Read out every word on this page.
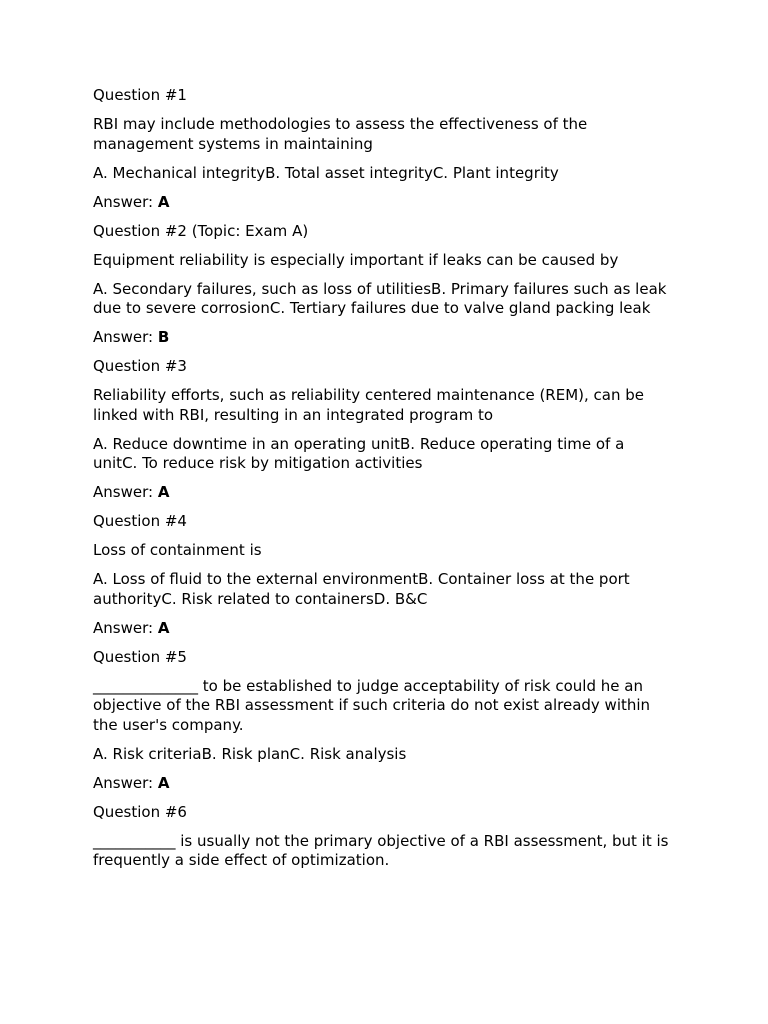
Question #1
RBI may include methodologies to assess the effectiveness of the management systems in maintaining
A. Mechanical integrityB. Total asset integrityC. Plant integrity
Answer: A
Question #2 (Topic: Exam A)
Equipment reliability is especially important if leaks can be caused by
A. Secondary failures, such as loss of utilitiesB. Primary failures such as leak due to severe corrosionC. Tertiary failures due to valve gland packing leak
Answer: B
Question #3
Reliability efforts, such as reliability centered maintenance (REM), can be linked with RBI, resulting in an integrated program to
A. Reduce downtime in an operating unitB. Reduce operating time of a unitC. To reduce risk by mitigation activities
Answer: A
Question #4
Loss of containment is
A. Loss of fluid to the external environmentB. Container loss at the port authorityC. Risk related to containersD. B&C
Answer: A
Question #5
______________ to be established to judge acceptability of risk could he an objective of the RBI assessment if such criteria do not exist already within the user's company.
A. Risk criteriaB. Risk planC. Risk analysis
Answer: A
Question #6
___________ is usually not the primary objective of a RBI assessment, but it is frequently a side effect of optimization.
